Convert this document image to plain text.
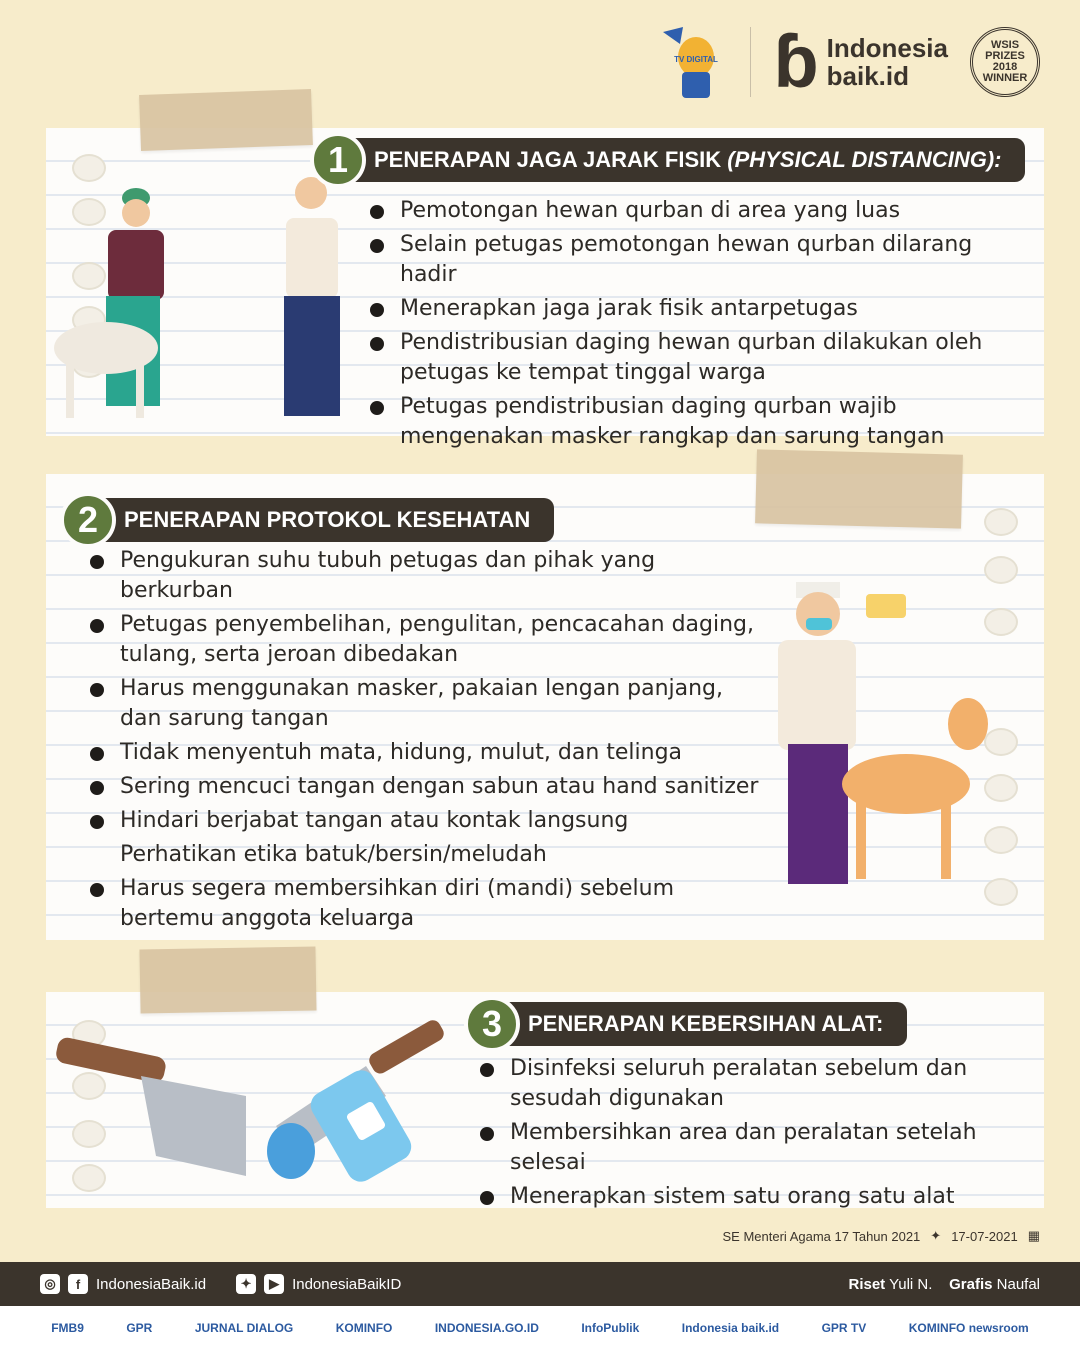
TV DIGITAL ɓ Indonesia
baik.id
WSIS
PRIZES
2018
WINNER
1	PENERAPAN JAGA JARAK FISIK
(PHYSICAL DISTANCING):
Pemotongan hewan qurban di area yang luas
Selain petugas pemotongan hewan qurban dilarang hadir
Menerapkan jaga jarak fisik antarpetugas
Pendistribusian daging hewan qurban dilakukan oleh petugas ke tempat tinggal warga
Petugas pendistribusian daging qurban wajib mengenakan masker rangkap dan sarung tangan
2	PENERAPAN PROTOKOL KESEHATAN
Pengukuran suhu tubuh petugas dan pihak yang berkurban
Petugas penyembelihan, pengulitan, pencacahan daging, tulang, serta jeroan dibedakan
Harus menggunakan masker, pakaian lengan panjang, dan sarung tangan
Tidak menyentuh mata, hidung, mulut, dan telinga
Sering mencuci tangan dengan sabun atau hand sanitizer
Hindari berjabat tangan atau kontak langsung
Perhatikan etika batuk/bersin/meludah
Harus segera membersihkan diri (mandi) sebelum bertemu anggota keluarga
3	PENERAPAN KEBERSIHAN ALAT:
Disinfeksi seluruh peralatan sebelum dan sesudah digunakan
Membersihkan area dan peralatan setelah selesai
Menerapkan sistem satu orang satu alat
SE Menteri Agama 17 Tahun 2021 ✦ 17-07-2021 ▦
◎	f	IndonesiaBaik.id	✦	▶ IndonesiaBaikID	Riset Yuli N. Grafis Naufal
FMB9	GPR	JURNAL DIALOG	KOMINFO	INDONESIA.GO.ID	InfoPublik	Indonesia baik.id	GPR TV	KOMINFO newsroom
